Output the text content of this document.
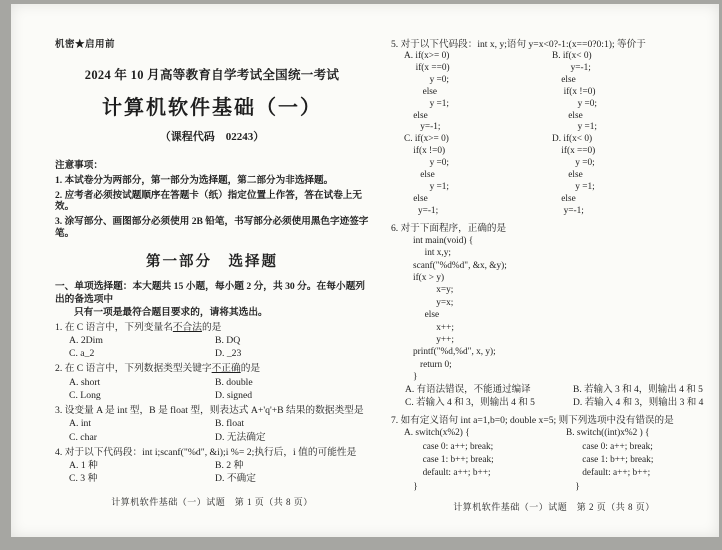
机密★启用前
2024 年 10 月高等教育自学考试全国统一考试
计算机软件基础（一）
（课程代码　02243）
注意事项：
1. 本试卷分为两部分，第一部分为选择题，第二部分为非选择题。
2. 应考者必须按试题顺序在答题卡（纸）指定位置上作答，答在试卷上无效。
3. 涂写部分、画图部分必须使用 2B 铅笔，书写部分必须使用黑色字迹签字笔。
第一部分　选择题
一、单项选择题：本大题共 15 小题，每小题 2 分，共 30 分。在每小题列出的备选项中
只有一项是最符合题目要求的，请将其选出。
1. 在 C 语言中，下列变量名不合法的是
A. 2Dim	B. DQ
C. a_2	D. _23
2. 在 C 语言中，下列数据类型关键字不正确的是
A. short	B. double
C. Long	D. signed
3. 设变量 A 是 int 型，B 是 float 型，则表达式 A+'q'+B 结果的数据类型是
A. int	B. float
C. char	D. 无法确定
4. 对于以下代码段：int i;scanf("%d", &i);i %= 2;执行后，i 值的可能性是
A. 1 种	B. 2 种
C. 3 种	D. 不确定
5. 对于以下代码段：int x, y;语句 y=x<0?-1:(x==0?0:1); 等价于
A. if(x>= 0)
if(x ==0)
y =0;
else
y =1;
else
y=-1;
B. if(x< 0)
y=-1;
else
if(x !=0)
y =0;
else
y =1;
C. if(x>= 0)
if(x !=0)
y =0;
else
y =1;
else
y=-1;
D. if(x< 0)
if(x ==0)
y =0;
else
y =1;
else
y=-1;
6. 对于下面程序，正确的是
int main(void) {
int x,y;
scanf("%d%d", &x, &y);
if(x > y)
x=y;
y=x;
else
x++;
y++;
printf("%d,%d", x, y);
return 0;
}
A. 有语法错误，不能通过编译	B. 若输入 3 和 4，则输出 4 和 5
C. 若输入 4 和 3，则输出 4 和 5	D. 若输入 4 和 3，则输出 3 和 4
7. 如有定义语句 int a=1,b=0; double x=5; 则下列选项中没有错误的是
A. switch(x%2) {
case 0: a++; break;
case 1: b++; break;
default: a++; b++;
}
B. switch((int)x%2 ) {
case 0: a++; break;
case 1: b++; break;
default: a++; b++;
}
计算机软件基础（一）试题　第 1 页（共 8 页）	计算机软件基础（一）试题　第 2 页（共 8 页）
